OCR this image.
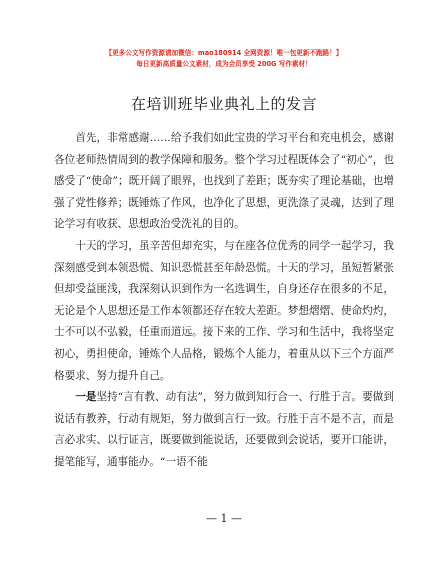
【更多公文写作资源请加微信：mao180914 全网资源！唯一包更新不跑路！】
每日更新高质量公文素材，成为会员享受 200G 写作素材！
在培训班毕业典礼上的发言

首先，非常感谢……给予我们如此宝贵的学习平台和充电机会，感谢各位老师热情周到的教学保障和服务。整个学习过程既体会了“初心”，也感受了“使命”；既开阔了眼界，也找到了差距；既夯实了理论基础，也增强了党性修养；既锤炼了作风，也净化了思想，更洗涤了灵魂，达到了理论学习有收获、思想政治受洗礼的目的。

十天的学习，虽辛苦但却充实，与在座各位优秀的同学一起学习，我深刻感受到本领恐慌、知识恐慌甚至年龄恐慌。十天的学习，虽短暂紧张但却受益匪浅，我深刻认识到作为一名选调生，自身还存在很多的不足，无论是个人思想还是工作本领都还存在较大差距。梦想熠熠、使命灼灼，士不可以不弘毅，任重而道远。接下来的工作、学习和生活中，我将坚定初心，勇担使命，锤炼个人品格，锻炼个人能力，着重从以下三个方面严格要求、努力提升自己。

一是坚持“言有教、动有法”，努力做到知行合一、行胜于言。要做到说话有教养，行动有规矩，努力做到言行一致。行胜于言不是不言，而是言必求实、以行证言，既要做到能说话，还要做到会说话，要开口能讲，提笔能写，通事能办。“一语不能

— 1 —
